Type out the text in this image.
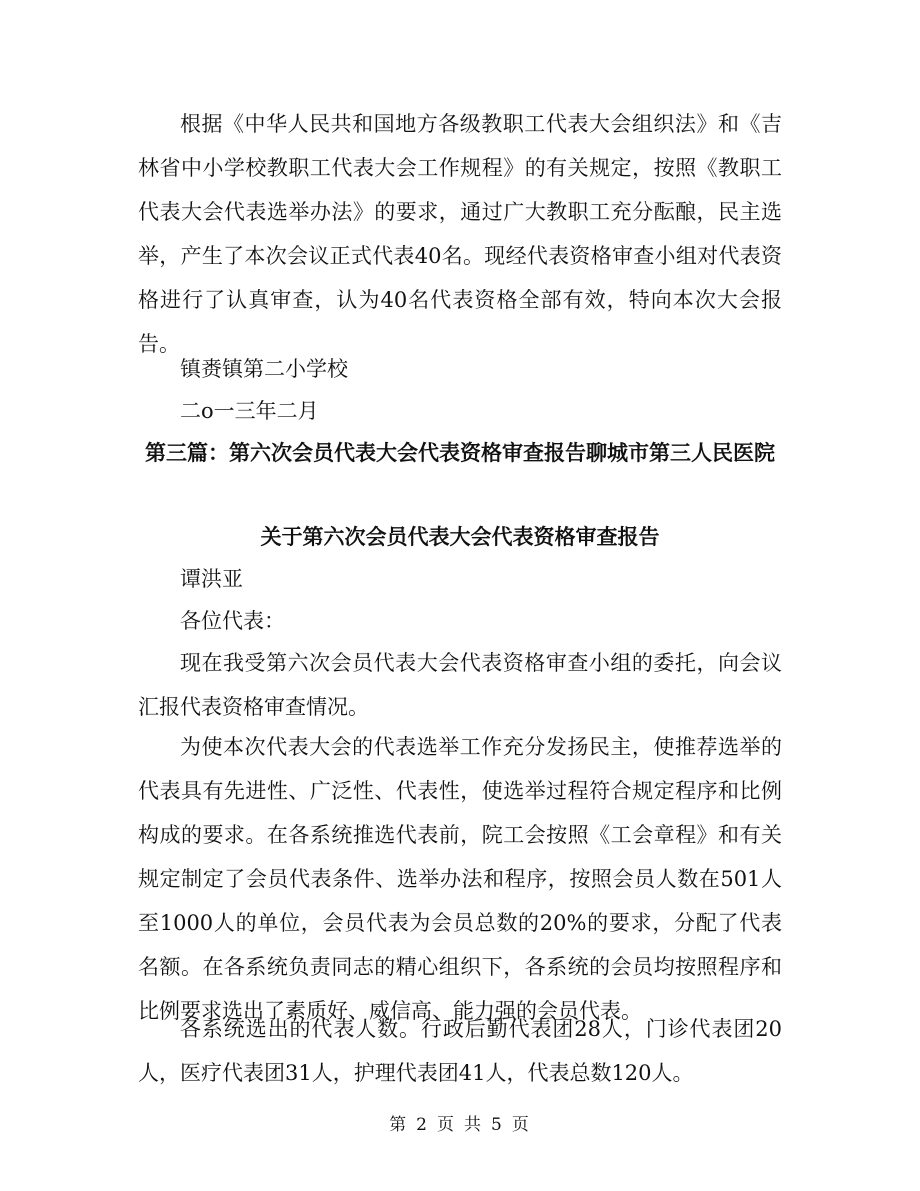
根据《中华人民共和国地方各级教职工代表大会组织法》和《吉林省中小学校教职工代表大会工作规程》的有关规定，按照《教职工代表大会代表选举办法》的要求，通过广大教职工充分酝酿，民主选举，产生了本次会议正式代表40名。现经代表资格审查小组对代表资格进行了认真审查，认为40名代表资格全部有效，特向本次大会报告。

镇赉镇第二小学校

二o一三年二月

第三篇：第六次会员代表大会代表资格审查报告聊城市第三人民医院

关于第六次会员代表大会代表资格审查报告

谭洪亚

各位代表：

现在我受第六次会员代表大会代表资格审查小组的委托，向会议汇报代表资格审查情况。

为使本次代表大会的代表选举工作充分发扬民主，使推荐选举的代表具有先进性、广泛性、代表性，使选举过程符合规定程序和比例构成的要求。在各系统推选代表前，院工会按照《工会章程》和有关规定制定了会员代表条件、选举办法和程序，按照会员人数在501人至1000人的单位，会员代表为会员总数的20%的要求，分配了代表名额。在各系统负责同志的精心组织下，各系统的会员均按照程序和比例要求选出了素质好、威信高、能力强的会员代表。

各系统选出的代表人数。行政后勤代表团28人，门诊代表团20人，医疗代表团31人，护理代表团41人，代表总数120人。

第 2 页 共 5 页
